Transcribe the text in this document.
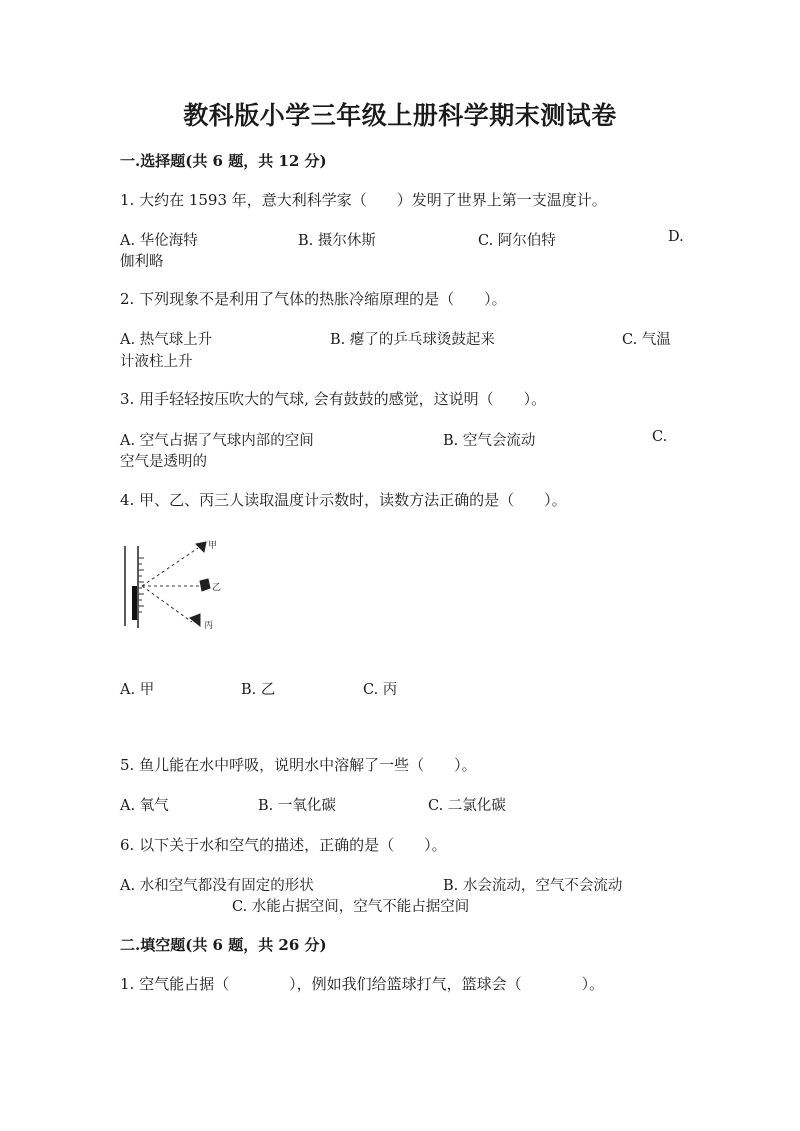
教科版小学三年级上册科学期末测试卷
一.选择题(共 6 题，共 12 分)
1. 大约在 1593 年，意大利科学家（　　）发明了世界上第一支温度计。
A. 华伦海特	B. 摄尔休斯	C. 阿尔伯特	D.
伽利略
2. 下列现象不是利用了气体的热胀冷缩原理的是（　　）。
A. 热气球上升	B. 瘪了的乒乓球烫鼓起来	C. 气温
计液柱上升
3. 用手轻轻按压吹大的气球, 会有鼓鼓的感觉，这说明（　　）。
A. 空气占据了气球内部的空间	B. 空气会流动	C.
空气是透明的
4. 甲、乙、丙三人读取温度计示数时，读数方法正确的是（　　）。
甲
乙
丙
A. 甲	B. 乙	C. 丙
5. 鱼儿能在水中呼吸，说明水中溶解了一些（　　）。
A. 氧气	B. 一氧化碳	C. 二氯化碳
6. 以下关于水和空气的描述，正确的是（　　）。
A. 水和空气都没有固定的形状	B. 水会流动，空气不会流动
C. 水能占据空间，空气不能占据空间
二.填空题(共 6 题，共 26 分)
1. 空气能占据（　　　　），例如我们给篮球打气，篮球会（　　　　）。
